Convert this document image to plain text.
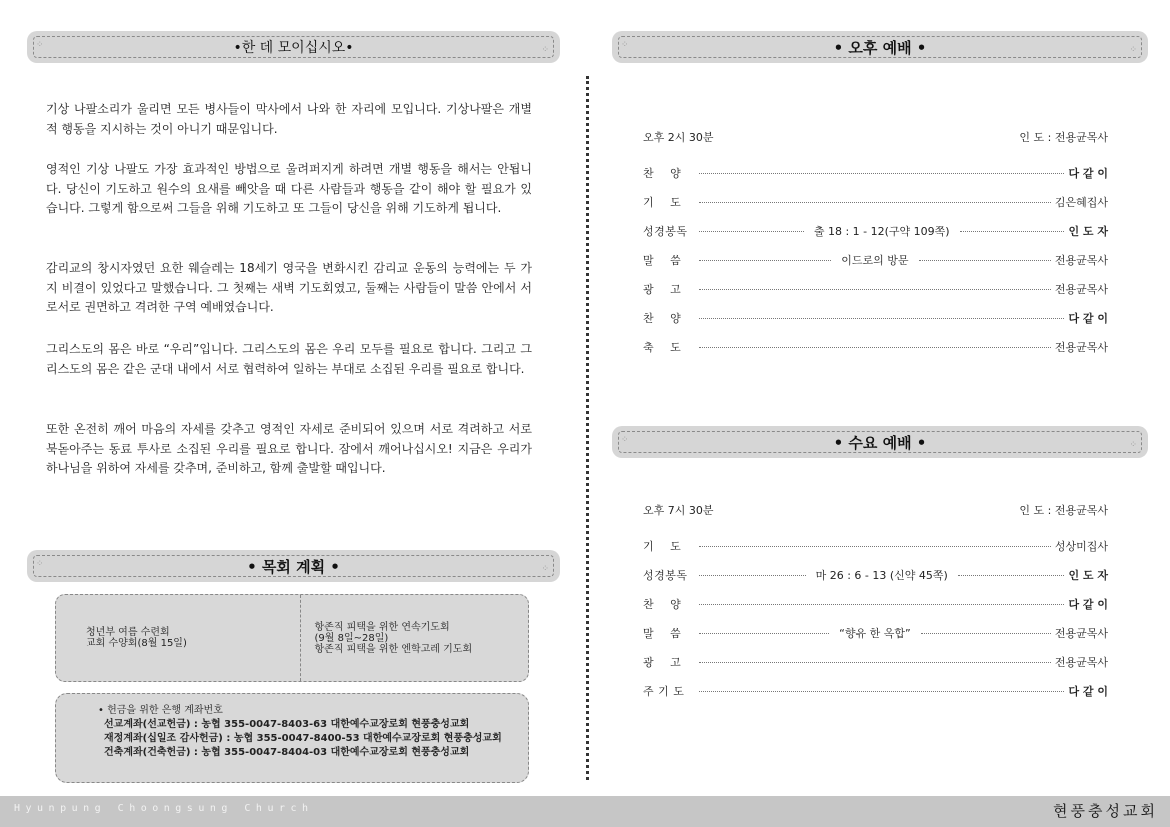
⁘	•한 데 모이십시오•	⁘

기상 나팔소리가 울리면 모든 병사들이 막사에서 나와 한 자리에 모입니다. 기상나팔은 개별적 행동을 지시하는 것이 아니기 때문입니다.

영적인 기상 나팔도 가장 효과적인 방법으로 울려퍼지게 하려면 개별 행동을 해서는 안됩니다. 당신이 기도하고 원수의 요새를 빼앗을 때 다른 사람들과 행동을 같이 해야 할 필요가 있습니다. 그렇게 함으로써 그들을 위해 기도하고 또 그들이 당신을 위해 기도하게 됩니다.

감리교의 창시자였던 요한 웨슬레는 18세기 영국을 변화시킨 감리교 운동의 능력에는 두 가지 비결이 있었다고 말했습니다. 그 첫째는 새벽 기도회였고, 둘째는 사람들이 말씀 안에서 서로서로 권면하고 격려한 구역 예배였습니다.

그리스도의 몸은 바로 “우리”입니다. 그리스도의 몸은 우리 모두를 필요로 합니다. 그리고 그리스도의 몸은 같은 군대 내에서 서로 협력하여 일하는 부대로 소집된 우리를 필요로 합니다.

또한 온전히 깨어 마음의 자세를 갖추고 영적인 자세로 준비되어 있으며 서로 격려하고 서로 북돋아주는 동료 투사로 소집된 우리를 필요로 합니다. 잠에서 깨어나십시오! 지금은 우리가 하나님을 위하여 자세를 갖추며, 준비하고, 함께 출발할 때입니다.

⁘	• 목회 계획 •	⁘
청년부 여름 수련회
교회 수양회(8월 15일)
항존직 피택을 위한 연속기도회
(9월 8일~28일)
항존직 피택을 위한 엔학고레 기도회
• 헌금을 위한 은행 계좌번호
선교계좌(선교헌금) : 농협 355-0047-8403-63 대한예수교장로회 현풍충성교회
재정계좌(십일조 감사헌금) : 농협 355-0047-8400-53 대한예수교장로회 현풍충성교회
건축계좌(건축헌금) : 농협 355-0047-8404-03 대한예수교장로회 현풍충성교회
⁘	• 오후 예배 •	⁘
오후 2시 30분	인 도 : 전용균목사
찬    양	다 같 이
기    도	김은혜집사
성경봉독	출 18 : 1 - 12(구약 109쪽)	인 도 자
말    씀	이드로의 방문	전용균목사
광    고	전용균목사
찬    양	다 같 이
축    도	전용균목사
⁘	• 수요 예배 •	⁘
오후 7시 30분	인 도 : 전용균목사
기    도	성상미집사
성경봉독	마 26 : 6 - 13 (신약 45쪽)	인 도 자
찬    양	다 같 이
말    씀	“향유 한 옥합”	전용균목사
광    고	전용균목사
주 기 도	다 같 이
Hyunpung Choongsung Church	현풍충성교회
